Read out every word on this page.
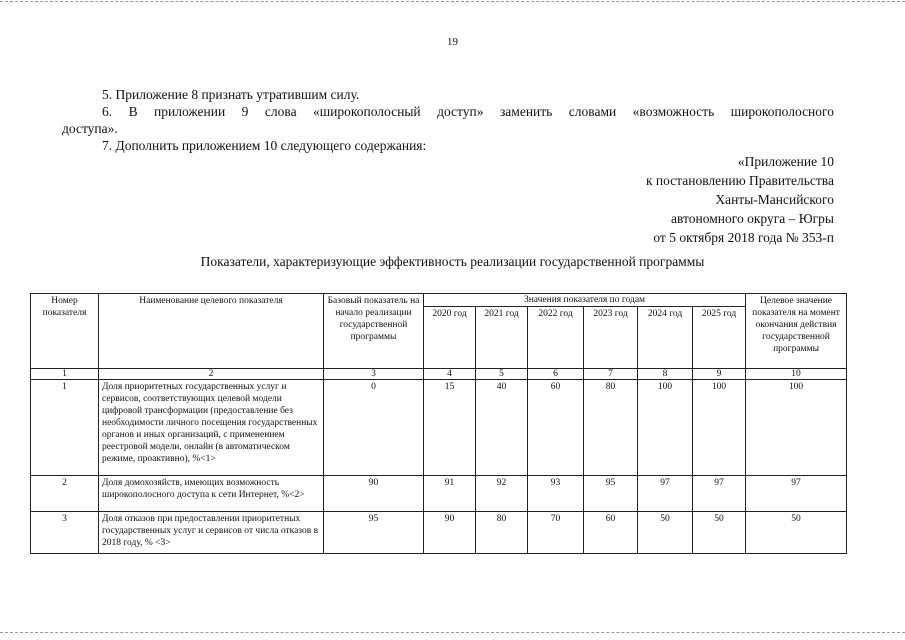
19
5. Приложение 8 признать утратившим силу.
6. В приложении 9 слова «широкополосный доступ» заменить словами «возможность широкополосного
доступа».
7. Дополнить приложением 10 следующего содержания:
«Приложение 10
к постановлению Правительства
Ханты-Мансийского
автономного округа – Югры
от 5 октября 2018 года № 353-п
Показатели, характеризующие эффективность реализации государственной программы
Номер показателя	Наименование целевого показателя	Базовый показатель на начало реализации государственной программы	Значения показателя по годам						Целевое значение показателя на момент окончания действия государственной программы
			2020 год	2021 год	2022 год	2023 год	2024 год	2025 год	
1	2	3	4	5	6	7	8	9	10
1	Доля приоритетных государственных услуг и сервисов, соответствующих целевой модели цифровой трансформации (предоставление без необходимости личного посещения государственных органов и иных организаций, с применением реестровой модели, онлайн (в автоматическом режиме, проактивно), %<1>	0	15	40	60	80	100	100	100
2	Доля домохозяйств, имеющих возможность широкополосного доступа к сети Интернет, %<2>	90	91	92	93	95	97	97	97
3	Доля отказов при предоставлении приоритетных государственных услуг и сервисов от числа отказов в 2018 году, % <3>	95	90	80	70	60	50	50	50
